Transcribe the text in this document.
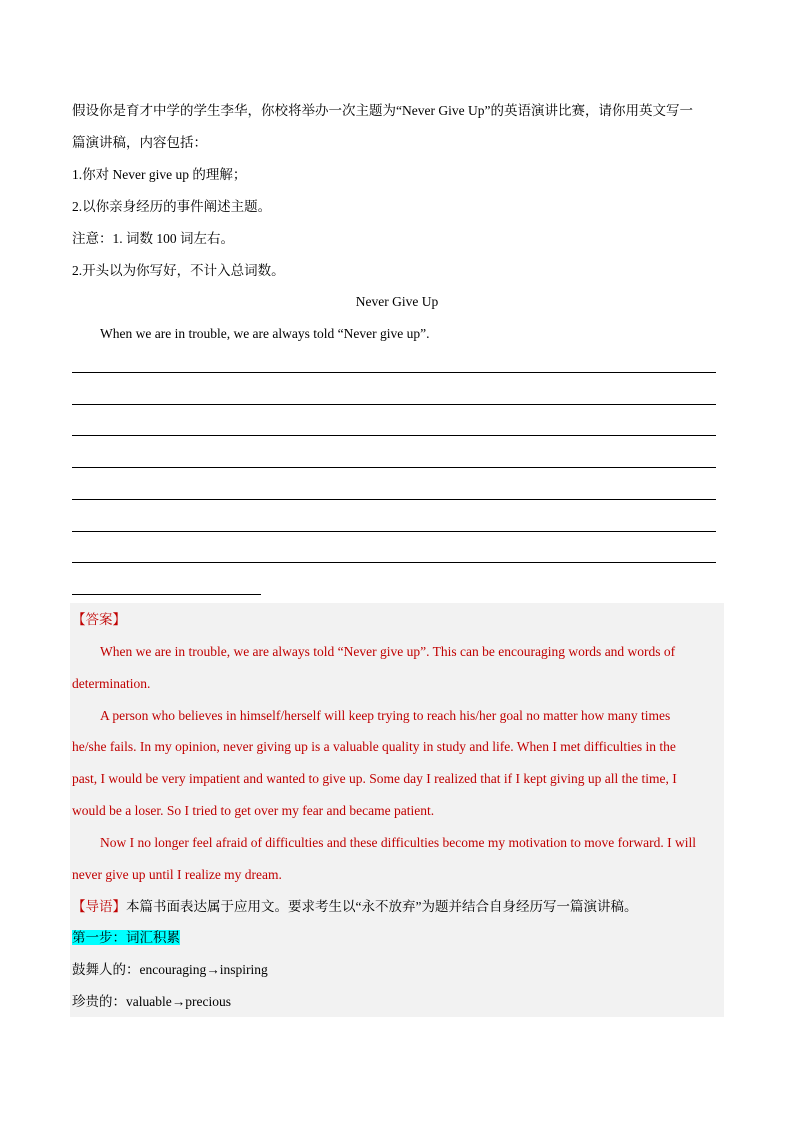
假设你是育才中学的学生李华，你校将举办一次主题为“Never Give Up”的英语演讲比赛，请你用英文写一
篇演讲稿，内容包括：
1.你对 Never give up 的理解；
2.以你亲身经历的事件阐述主题。
注意：1. 词数 100 词左右。
2.开头以为你写好，不计入总词数。
Never Give Up
When we are in trouble, we are always told “Never give up”.
【答案】
When we are in trouble, we are always told “Never give up”. This can be encouraging words and words of
determination.
A person who believes in himself/herself will keep trying to reach his/her goal no matter how many times
he/she fails. In my opinion, never giving up is a valuable quality in study and life. When I met difficulties in the
past, I would be very impatient and wanted to give up. Some day I realized that if I kept giving up all the time, I
would be a loser. So I tried to get over my fear and became patient.
Now I no longer feel afraid of difficulties and these difficulties become my motivation to move forward. I will
never give up until I realize my dream.
【导语】本篇书面表达属于应用文。要求考生以“永不放弃”为题并结合自身经历写一篇演讲稿。
第一步：词汇积累
鼓舞人的：encouraging→inspiring
珍贵的：valuable→precious
